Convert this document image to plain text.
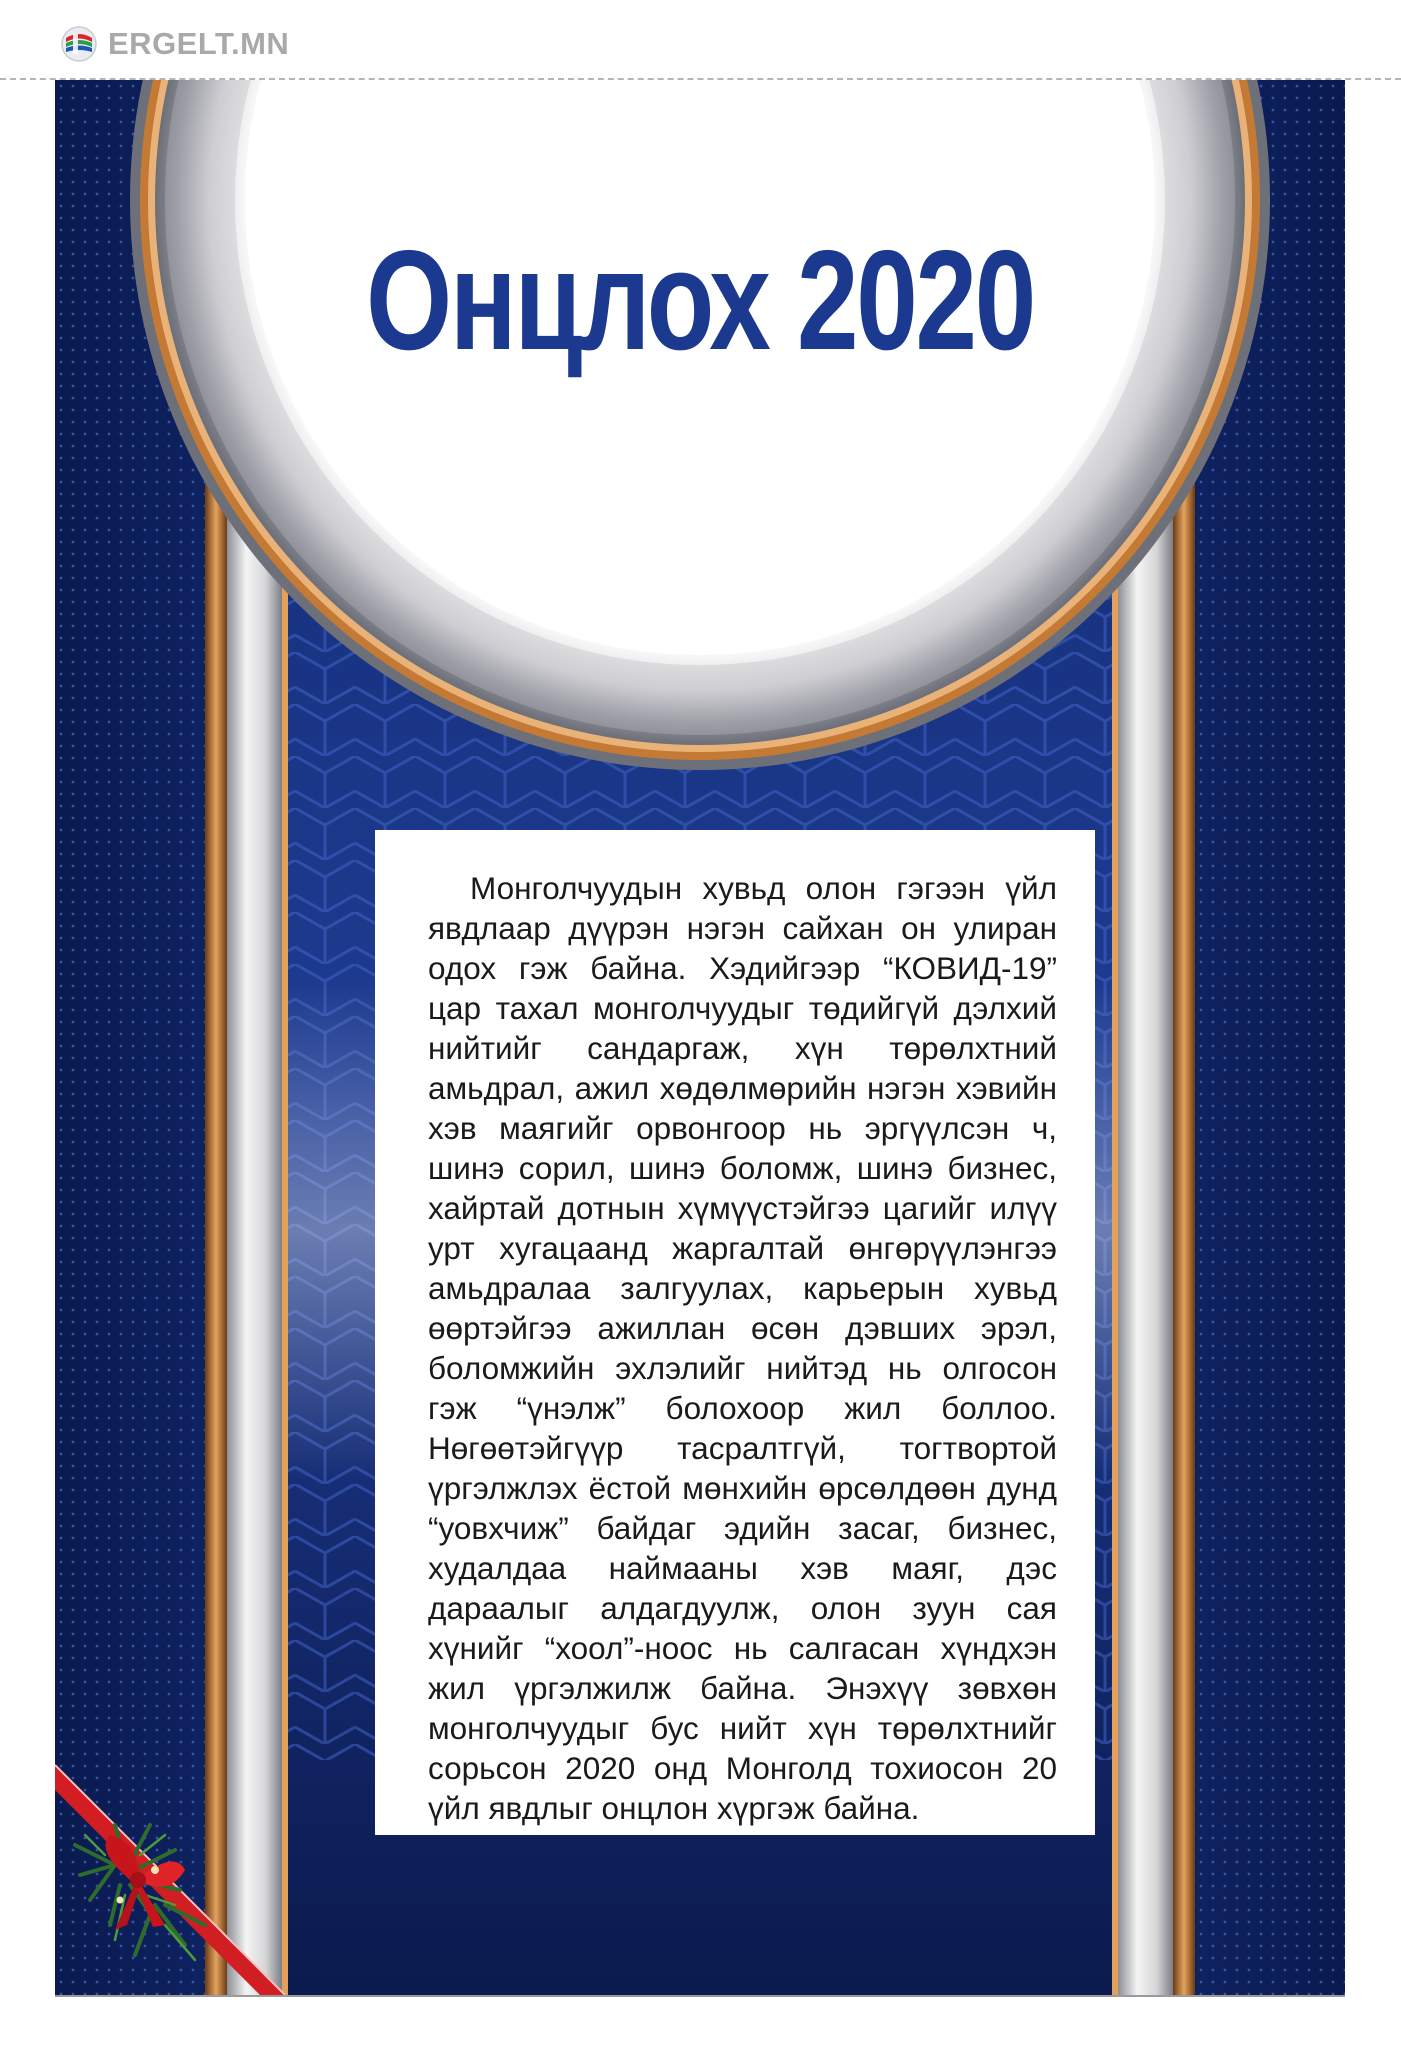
ERGELT.MN
Онцлох 2020

Монголчуудын хувьд олон гэгээн үйл явдлаар дүүрэн нэгэн сайхан он улиран одох гэж байна. Хэдийгээр “КОВИД-19” цар тахал монголчуудыг төдийгүй дэлхий нийтийг сандаргаж, хүн төрөлхтний амьдрал, ажил хөдөлмөрийн нэгэн хэвийн хэв маягийг орвонгоор нь эргүүлсэн ч, шинэ сорил, шинэ боломж, шинэ бизнес, хайртай дотнын хүмүүстэйгээ цагийг илүү урт хугацаанд жаргалтай өнгөрүүлэнгээ амьдралаа залгуулах, карьерын хувьд өөртэйгээ ажиллан өсөн дэвших эрэл, боломжийн эхлэлийг нийтэд нь олгосон гэж “үнэлж” болохоор жил боллоо. Нөгөөтэйгүүр тасралтгүй, тогтвортой үргэлжлэх ёстой мөнхийн өрсөлдөөн дунд “уовхчиж” байдаг эдийн засаг, бизнес, худалдаа наймааны хэв маяг, дэс дараалыг алдагдуулж, олон зуун сая хүнийг “хоол”-ноос нь салгасан хүндхэн жил үргэлжилж байна. Энэхүү зөвхөн монголчуудыг бус нийт хүн төрөлхтнийг сорьсон 2020 онд Монголд тохиосон 20 үйл явдлыг онцлон хүргэж байна.
